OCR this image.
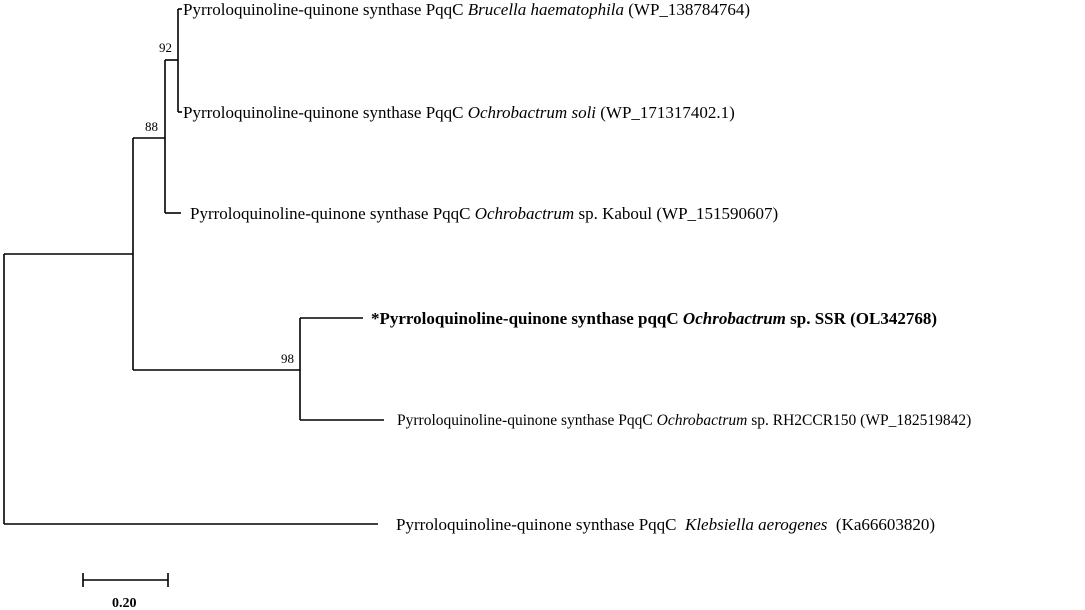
92
88
98
Pyrroloquinoline-quinone synthase PqqC Brucella haematophila (WP_138784764)
Pyrroloquinoline-quinone synthase PqqC Ochrobactrum soli (WP_171317402.1)
Pyrroloquinoline-quinone synthase PqqC Ochrobactrum sp. Kaboul (WP_151590607)
*Pyrroloquinoline-quinone synthase pqqC Ochrobactrum sp. SSR (OL342768)
Pyrroloquinoline-quinone synthase PqqC Ochrobactrum sp. RH2CCR150 (WP_182519842)
Pyrroloquinoline-quinone synthase PqqC  Klebsiella aerogenes  (Ka66603820)
0.20
